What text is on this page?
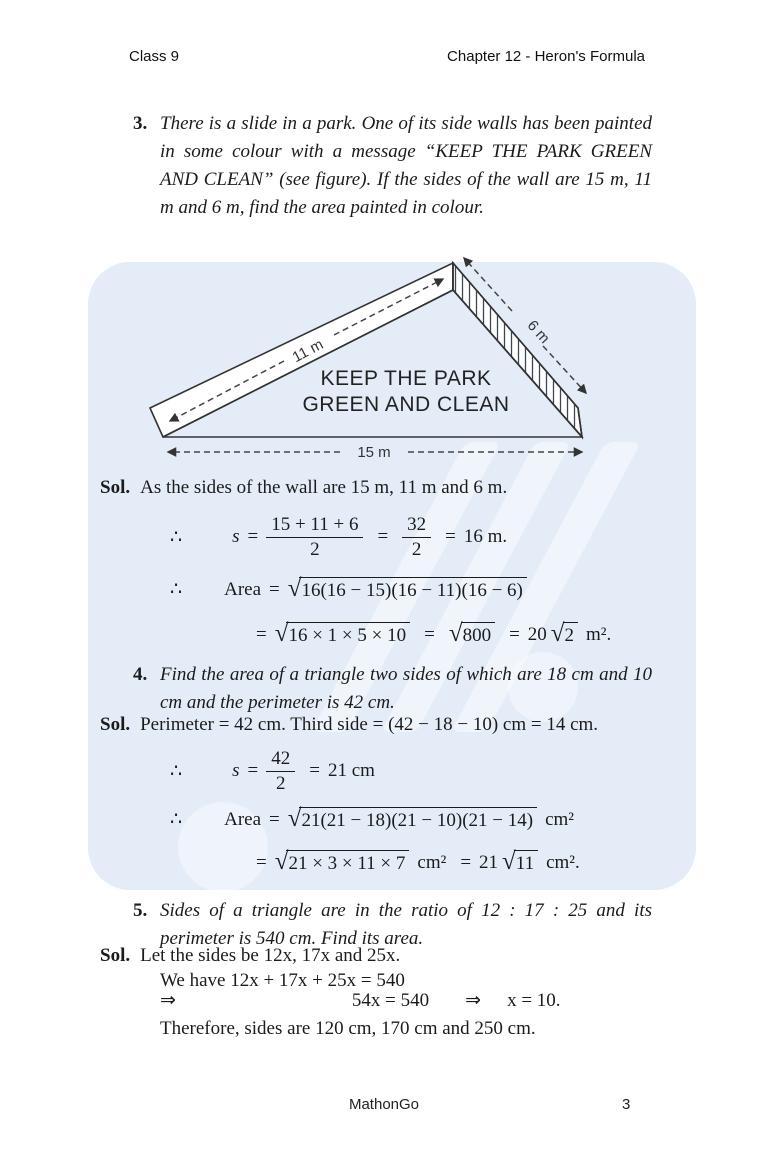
Class 9	Chapter 12 - Heron's Formula
3. There is a slide in a park. One of its side walls has been painted in some colour with a message “KEEP THE PARK GREEN AND CLEAN” (see figure). If the sides of the wall are 15 m, 11 m and 6 m, find the area painted in colour.
11 m
6 m
15 m
KEEP THE PARK
GREEN AND CLEAN
Sol. As the sides of the wall are 15 m, 11 m and 6 m.
∴	$s = \frac{15 + 11 + 6}{2} = \frac{32}{2} = 16$ m.
∴ Area = √ 16(16 − 15)(16 − 11)(16 − 6)
= √ 16 × 1 × 5 × 10 = √ 800 = 20 √ 2 m².
4. Find the area of a triangle two sides of which are 18 cm and 10 cm and the perimeter is 42 cm.
Sol. Perimeter = 42 cm. Third side = (42 − 18 − 10) cm = 14 cm.
∴	$s = \frac{42}{2} = 21$ cm
∴ Area = √ 21(21 − 18)(21 − 10)(21 − 14) cm²
= √ 21 × 3 × 11 × 7 cm² = 21 √ 11 cm².
5. Sides of a triangle are in the ratio of 12 : 17 : 25 and its perimeter is 540 cm. Find its area.
Sol. Let the sides be 12x, 17x and 25x.
We have 12x + 17x + 25x = 540
⇒	54x = 540 ⇒ x = 10.
Therefore, sides are 120 cm, 170 cm and 250 cm.
MathonGo	3
